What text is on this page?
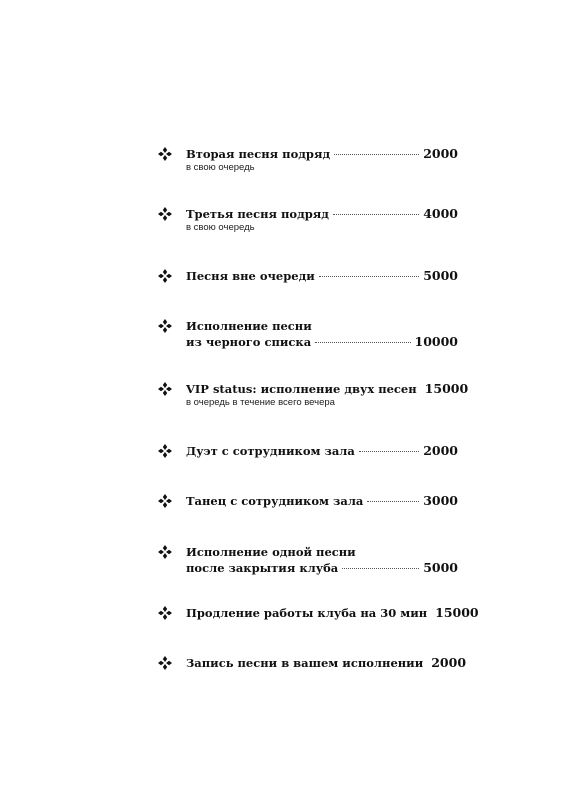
Вторая песня подряд	2000
в свою очередь
Третья песня подряд	4000
в свою очередь
Песня вне очереди	5000
Исполнение песни
из черного списка	10000
VIP status: исполнение двух песен 15000
в очередь в течение всего вечера
Дуэт с сотрудником зала	2000
Танец с сотрудником зала	3000
Исполнение одной песни
после закрытия клуба	5000
Продление работы клуба на 30 мин 15000
Запись песни в вашем исполнении 2000
